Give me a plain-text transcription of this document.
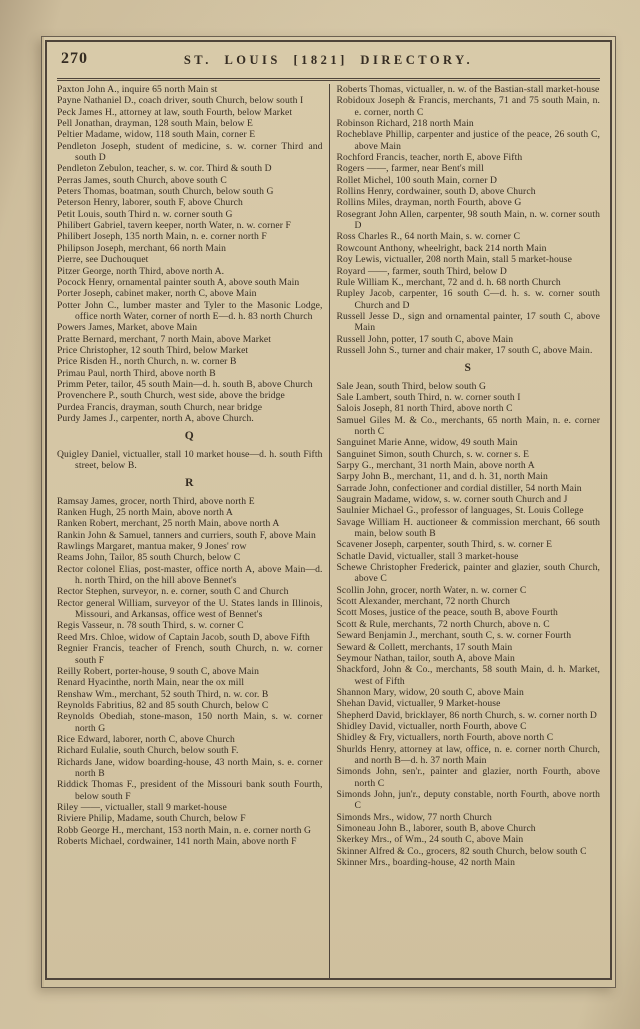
270	ST. LOUIS [1821] DIRECTORY.
Paxton John A., inquire 65 north Main st
Payne Nathaniel D., coach driver, south Church, below south I
Peck James H., attorney at law, south Fourth, below Market
Pell Jonathan, drayman, 128 south Main, below E
Peltier Madame, widow, 118 south Main, corner E
Pendleton Joseph, student of medicine, s. w. corner Third and south D
Pendleton Zebulon, teacher, s. w. cor. Third & south D
Perras James, south Church, above south C
Peters Thomas, boatman, south Church, below south G
Peterson Henry, laborer, south F, above Church
Petit Louis, south Third n. w. corner south G
Philibert Gabriel, tavern keeper, north Water, n. w. corner F
Philibert Joseph, 135 north Main, n. e. corner north F
Philipson Joseph, merchant, 66 north Main
Pierre, see Duchouquet
Pitzer George, north Third, above north A.
Pocock Henry, ornamental painter south A, above south Main
Porter Joseph, cabinet maker, north C, above Main
Potter John C., lumber master and Tyler to the Masonic Lodge, office north Water, corner of north E—d. h. 83 north Church
Powers James, Market, above Main
Pratte Bernard, merchant, 7 north Main, above Market
Price Christopher, 12 south Third, below Market
Price Risden H., north Church, n. w. corner B
Primau Paul, north Third, above north B
Primm Peter, tailor, 45 south Main—d. h. south B, above Church
Provenchere P., south Church, west side, above the bridge
Purdea Francis, drayman, south Church, near bridge
Purdy James J., carpenter, north A, above Church.
Q
Quigley Daniel, victualler, stall 10 market house—d. h. south Fifth street, below B.
R
Ramsay James, grocer, north Third, above north E
Ranken Hugh, 25 north Main, above north A
Ranken Robert, merchant, 25 north Main, above north A
Rankin John & Samuel, tanners and curriers, south F, above Main
Rawlings Margaret, mantua maker, 9 Jones' row
Reams John, Tailor, 85 south Church, below C
Rector colonel Elias, post-master, office north A, above Main—d. h. north Third, on the hill above Bennet's
Rector Stephen, surveyor, n. e. corner, south C and Church
Rector general William, surveyor of the U. States lands in Illinois, Missouri, and Arkansas, office west of Bennet's
Regis Vasseur, n. 78 south Third, s. w. corner C
Reed Mrs. Chloe, widow of Captain Jacob, south D, above Fifth
Regnier Francis, teacher of French, south Church, n. w. corner south F
Reilly Robert, porter-house, 9 south C, above Main
Renard Hyacinthe, north Main, near the ox mill
Renshaw Wm., merchant, 52 south Third, n. w. cor. B
Reynolds Fabritius, 82 and 85 south Church, below C
Reynolds Obediah, stone-mason, 150 north Main, s. w. corner north G
Rice Edward, laborer, north C, above Church
Richard Eulalie, south Church, below south F.
Richards Jane, widow boarding-house, 43 north Main, s. e. corner north B
Riddick Thomas F., president of the Missouri bank south Fourth, below south F
Riley ——, victualler, stall 9 market-house
Riviere Philip, Madame, south Church, below F
Robb George H., merchant, 153 north Main, n. e. corner north G
Roberts Michael, cordwainer, 141 north Main, above north F
Roberts Thomas, victualler, n. w. of the Bastian-stall market-house
Robidoux Joseph & Francis, merchants, 71 and 75 south Main, n. e. corner, north C
Robinson Richard, 218 north Main
Rocheblave Phillip, carpenter and justice of the peace, 26 south C, above Main
Rochford Francis, teacher, north E, above Fifth
Rogers ——, farmer, near Bent's mill
Rollet Michel, 100 south Main, corner D
Rollins Henry, cordwainer, south D, above Church
Rollins Miles, drayman, north Fourth, above G
Rosegrant John Allen, carpenter, 98 south Main, n. w. corner south D
Ross Charles R., 64 north Main, s. w. corner C
Rowcount Anthony, wheelright, back 214 north Main
Roy Lewis, victualler, 208 north Main, stall 5 market-house
Royard ——, farmer, south Third, below D
Rule William K., merchant, 72 and d. h. 68 north Church
Rupley Jacob, carpenter, 16 south C—d. h. s. w. corner south Church and D
Russell Jesse D., sign and ornamental painter, 17 south C, above Main
Russell John, potter, 17 south C, above Main
Russell John S., turner and chair maker, 17 south C, above Main.
S
Sale Jean, south Third, below south G
Sale Lambert, south Third, n. w. corner south I
Salois Joseph, 81 north Third, above north C
Samuel Giles M. & Co., merchants, 65 north Main, n. e. corner north C
Sanguinet Marie Anne, widow, 49 south Main
Sanguinet Simon, south Church, s. w. corner s. E
Sarpy G., merchant, 31 north Main, above north A
Sarpy John B., merchant, 11, and d. h. 31, north Main
Sarrade John, confectioner and cordial distiller, 54 north Main
Saugrain Madame, widow, s. w. corner south Church and J
Saulnier Michael G., professor of languages, St. Louis College
Savage William H. auctioneer & commission merchant, 66 south main, below south B
Scavener Joseph, carpenter, south Third, s. w. corner E
Schatle David, victualler, stall 3 market-house
Schewe Christopher Frederick, painter and glazier, south Church, above C
Scollin John, grocer, north Water, n. w. corner C
Scott Alexander, merchant, 72 north Church
Scott Moses, justice of the peace, south B, above Fourth
Scott & Rule, merchants, 72 north Church, above n. C
Seward Benjamin J., merchant, south C, s. w. corner Fourth
Seward & Collett, merchants, 17 south Main
Seymour Nathan, tailor, south A, above Main
Shackford, John & Co., merchants, 58 south Main, d. h. Market, west of Fifth
Shannon Mary, widow, 20 south C, above Main
Shehan David, victualler, 9 Market-house
Shepherd David, bricklayer, 86 north Church, s. w. corner north D
Shidley David, victualler, north Fourth, above C
Shidley & Fry, victuallers, north Fourth, above north C
Shurlds Henry, attorney at law, office, n. e. corner north Church, and north B—d. h. 37 north Main
Simonds John, sen'r., painter and glazier, north Fourth, above north C
Simonds John, jun'r., deputy constable, north Fourth, above north C
Simonds Mrs., widow, 77 north Church
Simoneau John B., laborer, south B, above Church
Skerkey Mrs., of Wm., 24 south C, above Main
Skinner Alfred & Co., grocers, 82 south Church, below south C
Skinner Mrs., boarding-house, 42 north Main
